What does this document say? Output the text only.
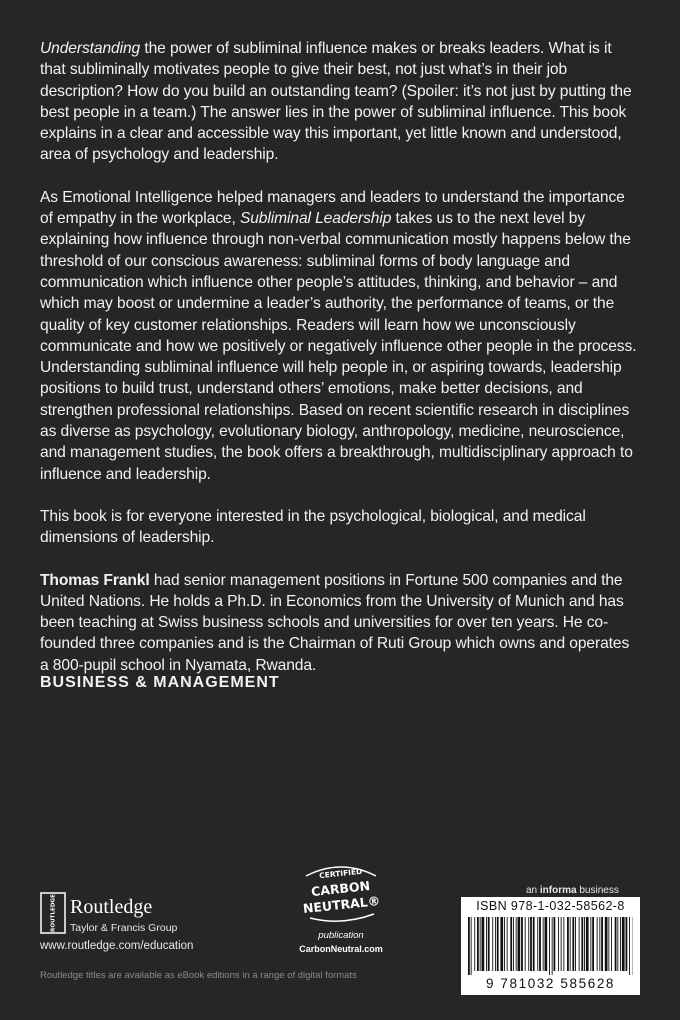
Understanding the power of subliminal influence makes or breaks leaders. What is it that subliminally motivates people to give their best, not just what’s in their job description? How do you build an outstanding team? (Spoiler: it’s not just by putting the best people in a team.) The answer lies in the power of subliminal influence. This book explains in a clear and accessible way this important, yet little known and understood, area of psychology and leadership.

As Emotional Intelligence helped managers and leaders to understand the importance of empathy in the workplace, Subliminal Leadership takes us to the next level by explaining how influence through non-verbal communication mostly happens below the threshold of our conscious awareness: subliminal forms of body language and communication which influence other people’s attitudes, thinking, and behavior – and which may boost or undermine a leader’s authority, the performance of teams, or the quality of key customer relationships. Readers will learn how we unconsciously communicate and how we positively or negatively influence other people in the process. Understanding subliminal influence will help people in, or aspiring towards, leadership positions to build trust, understand others’ emotions, make better decisions, and strengthen professional relationships. Based on recent scientific research in disciplines as diverse as psychology, evolutionary biology, anthropology, medicine, neuroscience, and management studies, the book offers a breakthrough, multidisciplinary approach to influence and leadership.

This book is for everyone interested in the psychological, biological, and medical dimensions of leadership.

Thomas Frankl had senior management positions in Fortune 500 companies and the United Nations. He holds a Ph.D. in Economics from the University of Munich and has been teaching at Swiss business schools and universities for over ten years. He co-founded three companies and is the Chairman of Ruti Group which owns and operates a 800-pupil school in Nyamata, Rwanda.

BUSINESS & MANAGEMENT
ROUTLEDGE Routledge
Taylor & Francis Group
www.routledge.com/education
CERTIFIED
CARBON
NEUTRAL®
publication
CarbonNeutral.com
an informa business
ISBN 978-1-032-58562-8
9 781032 585628
Routledge titles are available as eBook editions in a range of digital formats
